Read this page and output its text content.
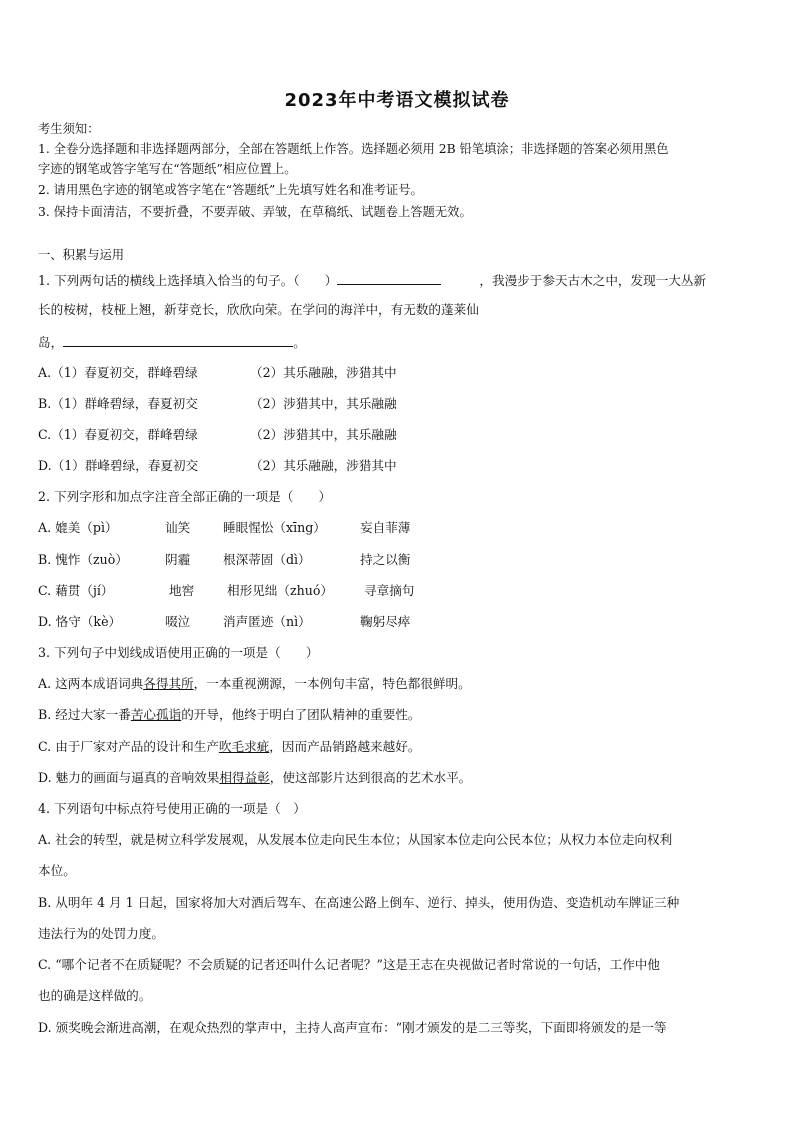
2023年中考语文模拟试卷
考生须知：
1. 全卷分选择题和非选择题两部分，全部在答题纸上作答。选择题必须用 2B 铅笔填涂；非选择题的答案必须用黑色
字迹的钢笔或答字笔写在“答题纸”相应位置上。
2. 请用黑色字迹的钢笔或答字笔在“答题纸”上先填写姓名和准考证号。
3. 保持卡面清洁，不要折叠，不要弄破、弄皱，在草稿纸、试题卷上答题无效。
一、积累与运用
1. 下列两句话的横线上选择填入恰当的句子。（　　）	，我漫步于参天古木之中，发现一大丛新
长的桉树，枝桠上翘，新芽竞长，欣欣向荣。在学问的海洋中，有无数的蓬莱仙
岛，	。
A.（1）春夏初交，群峰碧绿	（2）其乐融融，涉猎其中
B.（1）群峰碧绿，春夏初交	（2）涉猎其中，其乐融融
C.（1）春夏初交，群峰碧绿	（2）涉猎其中，其乐融融
D.（1）群峰碧绿，春夏初交	（2）其乐融融，涉猎其中
2. 下列字形和加点字注音全部正确的一项是（　　）
A. 媲美（pì）	讪笑	睡眼惺忪（xīng）	妄自菲薄
B. 愧怍（zuò）	阴霾	根深蒂固（dì）	持之以衡
C. 藉贯（jí）	地窖	相形见绌（zhuó） 寻章摘句
D. 恪守（kè）	啜泣	消声匿迹（nì）	鞠躬尽瘁
3. 下列句子中划线成语使用正确的一项是（　　）
A. 这两本成语词典各得其所，一本重视溯源，一本例句丰富，特色都很鲜明。
B. 经过大家一番苦心孤诣的开导，他终于明白了团队精神的重要性。
C. 由于厂家对产品的设计和生产吹毛求疵，因而产品销路越来越好。
D. 魅力的画面与逼真的音响效果相得益彰，使这部影片达到很高的艺术水平。
4. 下列语句中标点符号使用正确的一项是（　）
A. 社会的转型，就是树立科学发展观，从发展本位走向民生本位；从国家本位走向公民本位；从权力本位走向权利
本位。
B. 从明年 4 月 1 日起，国家将加大对酒后驾车、在高速公路上倒车、逆行、掉头，使用伪造、变造机动车牌证三种
违法行为的处罚力度。
C. “哪个记者不在质疑呢？不会质疑的记者还叫什么记者呢？”这是王志在央视做记者时常说的一句话，工作中他
也的确是这样做的。
D. 颁奖晚会渐进高潮，在观众热烈的掌声中，主持人高声宣布：“刚才颁发的是二三等奖，下面即将颁发的是一等
